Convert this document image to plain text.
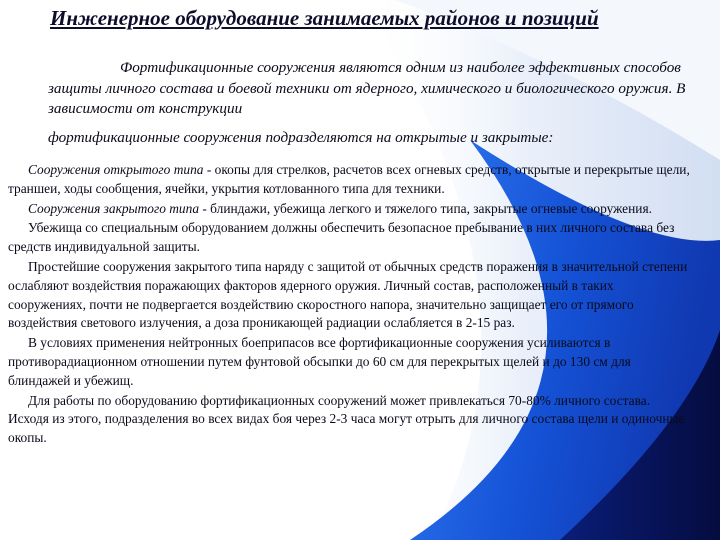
Инженерное оборудование занимаемых районов и позиций

Фортификационные сооружения являются одним из наиболее эффективных способов защиты личного состава и боевой техники от ядерного, химического и биологического оружия. В зависимости от конструкции
фортификационные сооружения подразделяются на открытые и закрытые:

Сооружения открытого типа - окопы для стрелков, расчетов всех огневых средств, открытые и перекрытые щели, траншеи, ходы сообщения, ячейки, укрытия котлованного типа для техники.

Сооружения закрытого типа - блиндажи, убежища легкого и тяжелого типа, закрытые огневые сооружения.

Убежища со специальным оборудованием должны обеспечить безопасное пребывание в них личного состава без средств индивидуальной защиты.

Простейшие сооружения закрытого типа наряду с защитой от обычных средств поражения в значительной степени ослабляют воздействия поражающих факторов ядерного оружия. Личный состав, расположенный в таких сооружениях, почти не подвергается воздействию скоростного напора, значительно защищает его от прямого воздействия светового излучения, а доза проникающей радиации ослабляется в 2-15 раз.

В условиях применения нейтронных боеприпасов все фортификационные сооружения усиливаются в противорадиационном отношении путем фунтовой обсыпки до 60 см для перекрытых щелей и до 130 см для блиндажей и убежищ.

Для работы по оборудованию фортификационных сооружений может привлекаться 70-80% личного состава. Исходя из этого, подразделения во всех видах боя через 2-3 часа могут отрыть для личного состава щели и одиночные окопы.
